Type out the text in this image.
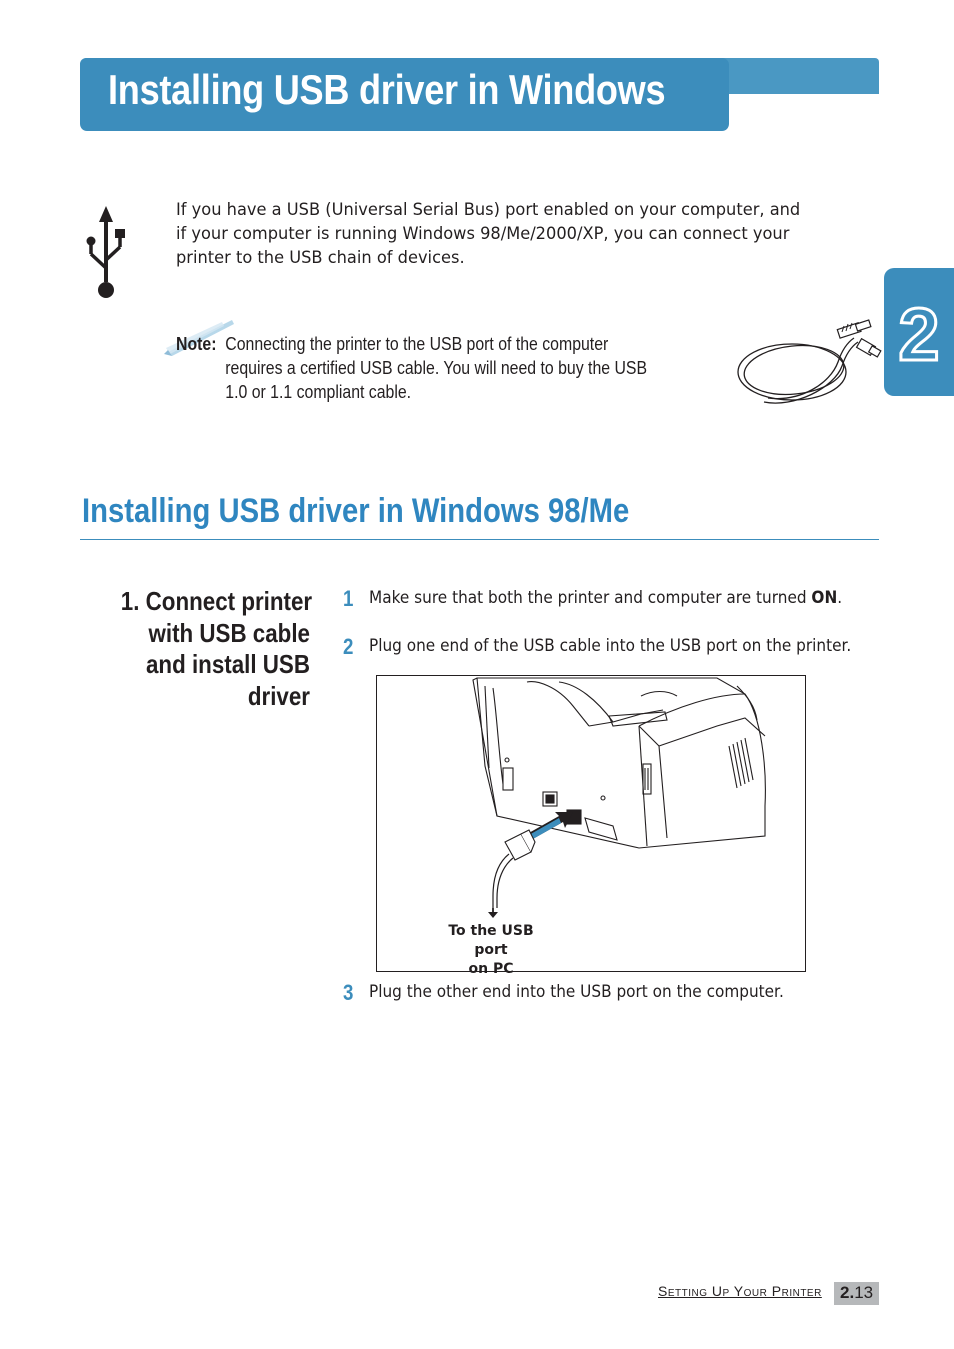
Installing USB driver in Windows
2
If you have a USB (Universal Serial Bus) port enabled on your computer, and
if your computer is running Windows 98/Me/2000/XP, you can connect your
printer to the USB chain of devices.
Note: Connecting the printer to the USB port of the computer
requires a certified USB cable. You will need to buy the USB
1.0 or 1.1 compliant cable.
Installing USB driver in Windows 98/Me
1. Connect printer
with USB cable
and install USB
driver
1 Make sure that both the printer and computer are turned ON.
2 Plug one end of the USB cable into the USB port on the printer.
To the USB port
on PC
3 Plug the other end into the USB port on the computer.
Setting Up Your Printer 2.13
